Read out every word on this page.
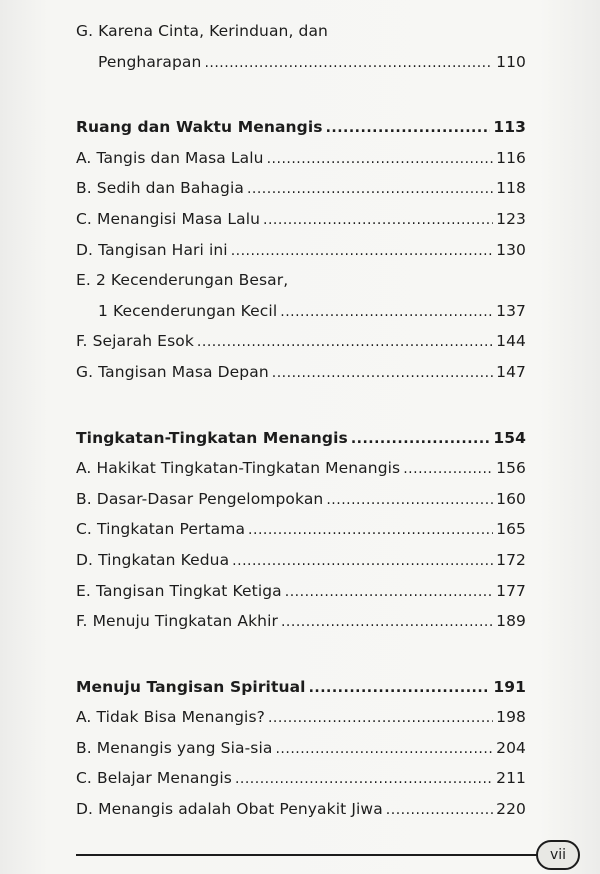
G. Karena Cinta, Kerinduan, dan
Pengharapan .....	110
Ruang dan Waktu Menangis .....	113
A. Tangis dan Masa Lalu .....	116
B. Sedih dan Bahagia .....	118
C. Menangisi Masa Lalu .....	123
D. Tangisan Hari ini .....	130
E. 2 Kecenderungan Besar,
1 Kecenderungan Kecil .....	137
F. Sejarah Esok .....	144
G. Tangisan Masa Depan .....	147
Tingkatan-Tingkatan Menangis .....	154
A. Hakikat Tingkatan-Tingkatan Menangis .....	156
B. Dasar-Dasar Pengelompokan .....	160
C. Tingkatan Pertama .....	165
D. Tingkatan Kedua .....	172
E. Tangisan Tingkat Ketiga .....	177
F. Menuju Tingkatan Akhir .....	189
Menuju Tangisan Spiritual .....	191
A. Tidak Bisa Menangis? .....	198
B. Menangis yang Sia-sia .....	204
C. Belajar Menangis .....	211
D. Menangis adalah Obat Penyakit Jiwa .....	220
vii
